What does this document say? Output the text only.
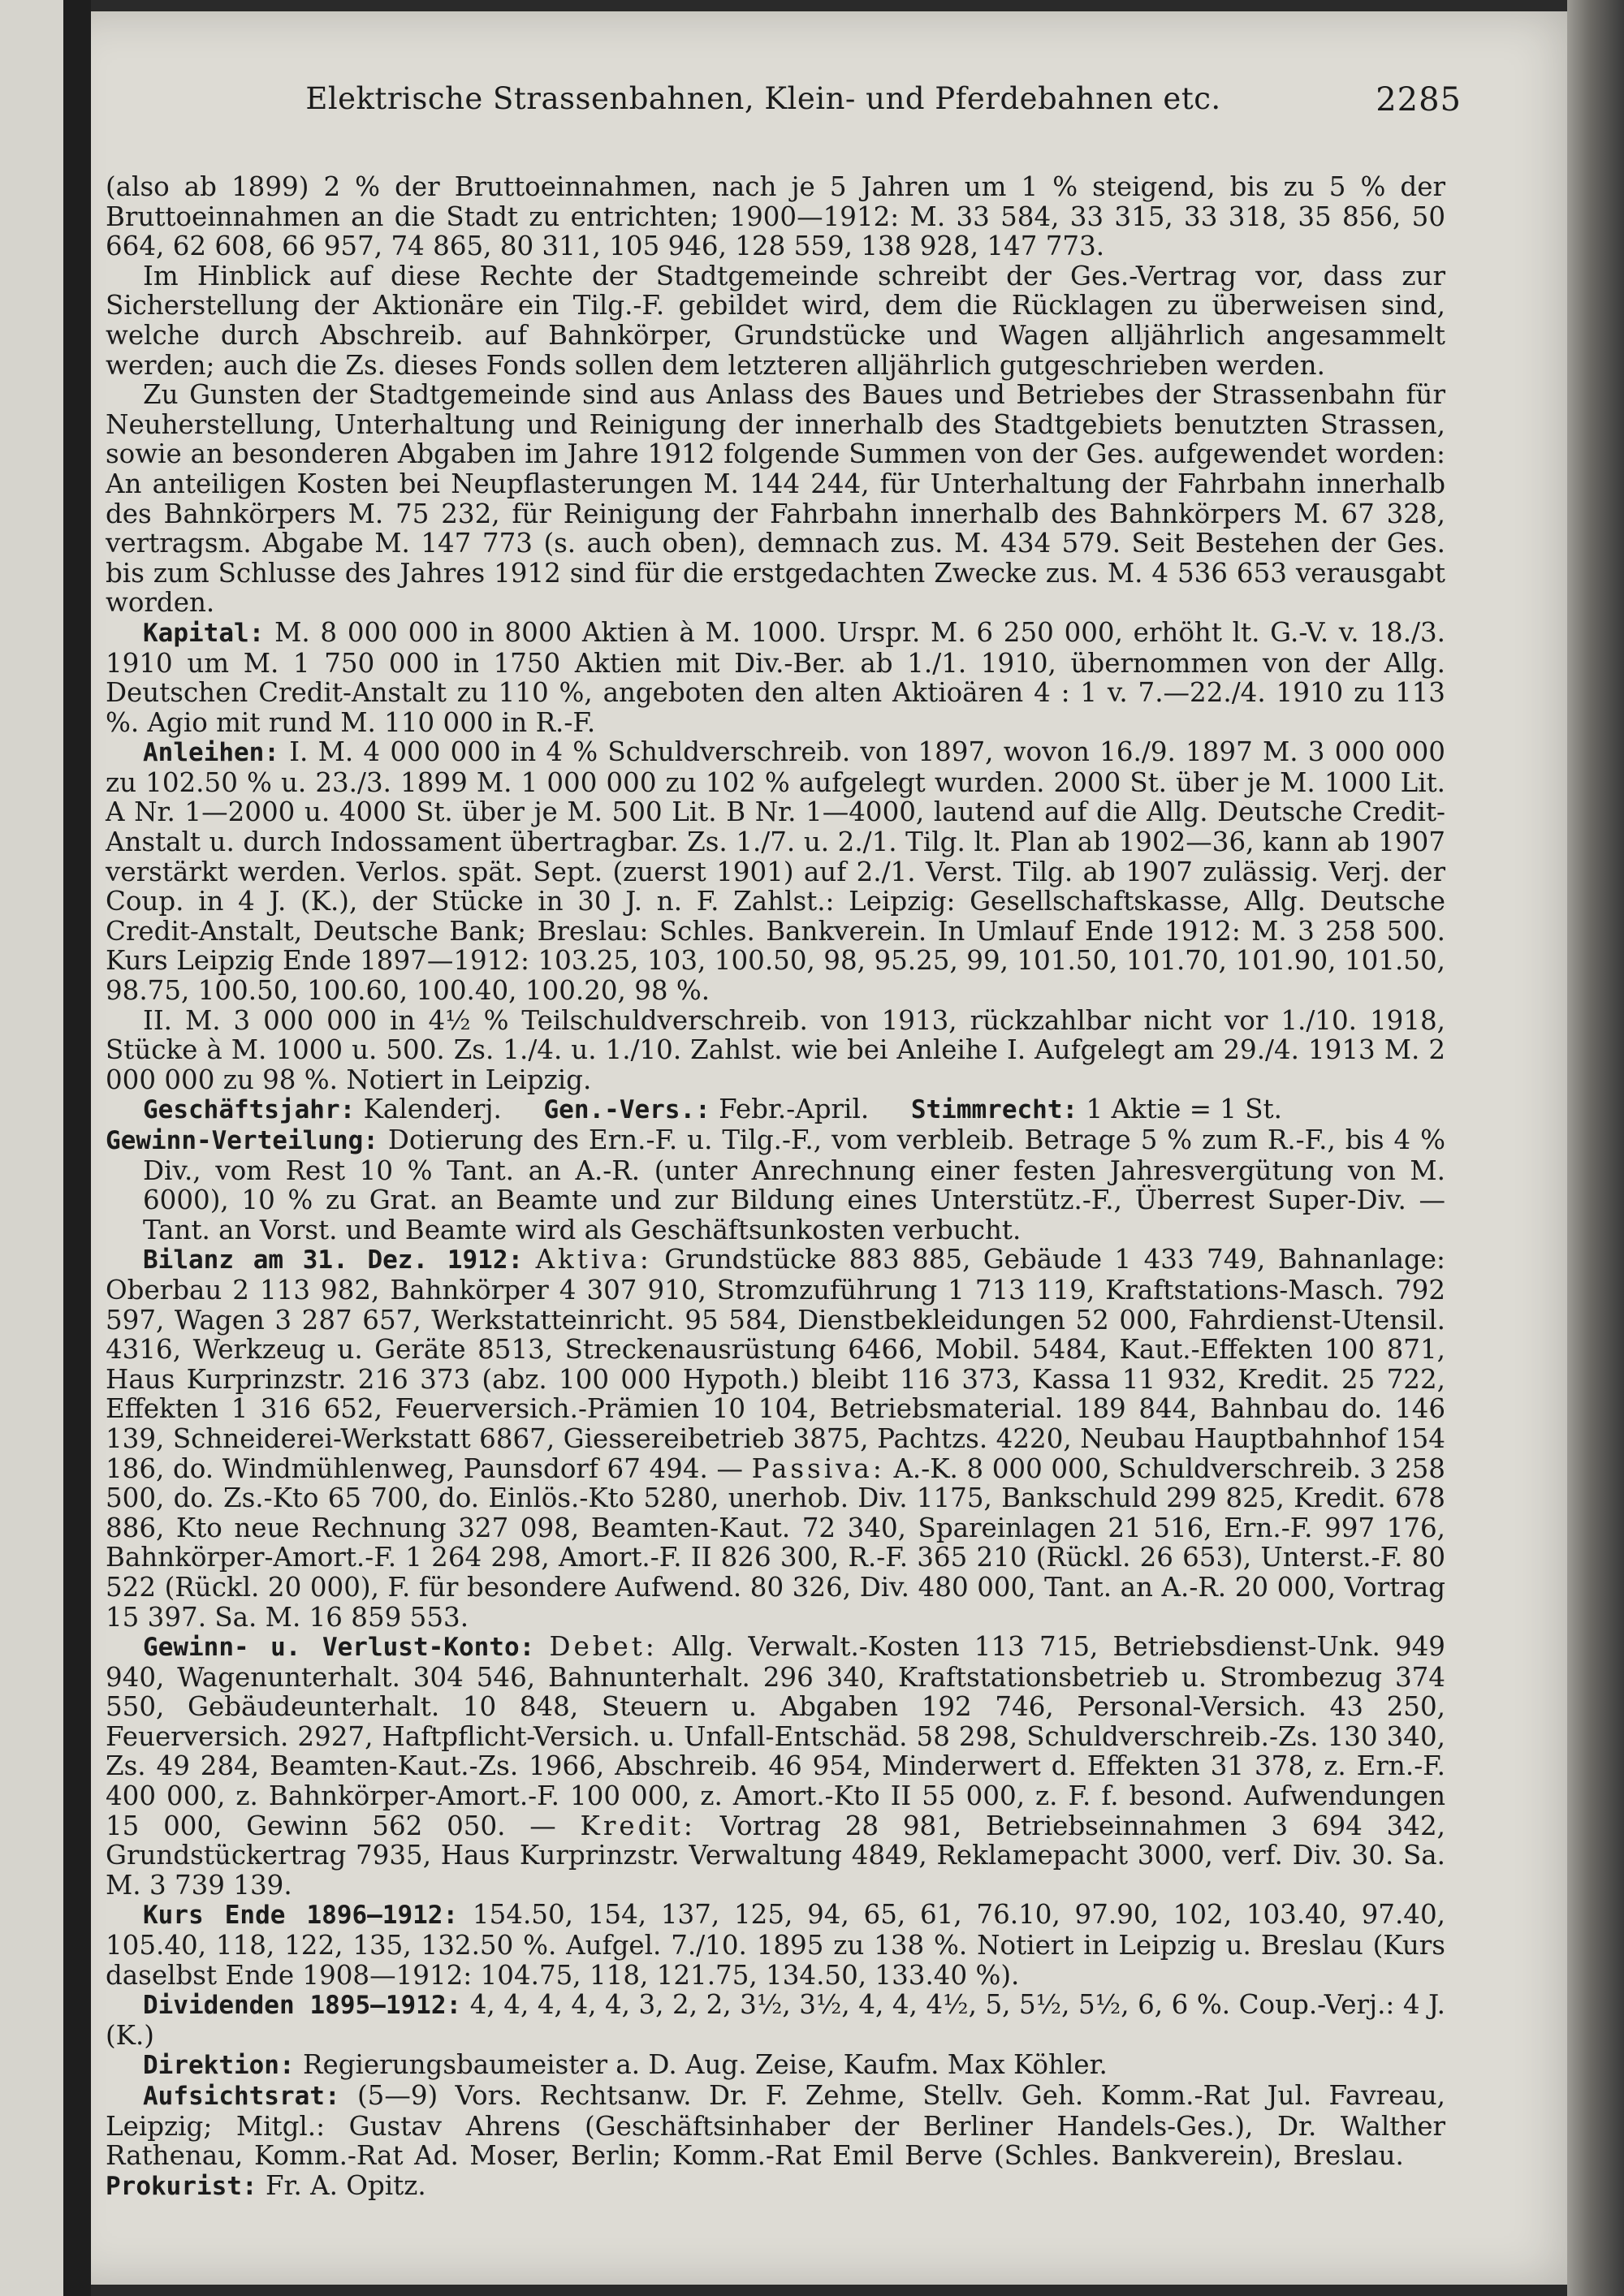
Elektrische Strassenbahnen, Klein- und Pferdebahnen etc.	2285

(also ab 1899) 2 % der Bruttoeinnahmen, nach je 5 Jahren um 1 % steigend, bis zu 5 % der Bruttoeinnahmen an die Stadt zu entrichten; 1900—1912: M. 33 584, 33 315, 33 318, 35 856, 50 664, 62 608, 66 957, 74 865, 80 311, 105 946, 128 559, 138 928, 147 773.

Im Hinblick auf diese Rechte der Stadtgemeinde schreibt der Ges.-Vertrag vor, dass zur Sicherstellung der Aktionäre ein Tilg.-F. gebildet wird, dem die Rücklagen zu überweisen sind, welche durch Abschreib. auf Bahnkörper, Grundstücke und Wagen alljährlich angesammelt werden; auch die Zs. dieses Fonds sollen dem letzteren alljährlich gutgeschrieben werden.

Zu Gunsten der Stadtgemeinde sind aus Anlass des Baues und Betriebes der Strassenbahn für Neuherstellung, Unterhaltung und Reinigung der innerhalb des Stadtgebiets benutzten Strassen, sowie an besonderen Abgaben im Jahre 1912 folgende Summen von der Ges. aufgewendet worden: An anteiligen Kosten bei Neupflasterungen M. 144 244, für Unterhaltung der Fahrbahn innerhalb des Bahnkörpers M. 75 232, für Reinigung der Fahrbahn innerhalb des Bahnkörpers M. 67 328, vertragsm. Abgabe M. 147 773 (s. auch oben), demnach zus. M. 434 579. Seit Bestehen der Ges. bis zum Schlusse des Jahres 1912 sind für die erstgedachten Zwecke zus. M. 4 536 653 verausgabt worden.

Kapital: M. 8 000 000 in 8000 Aktien à M. 1000. Urspr. M. 6 250 000, erhöht lt. G.-V. v. 18./3. 1910 um M. 1 750 000 in 1750 Aktien mit Div.-Ber. ab 1./1. 1910, übernommen von der Allg. Deutschen Credit-Anstalt zu 110 %, angeboten den alten Aktioären 4 : 1 v. 7.—22./4. 1910 zu 113 %. Agio mit rund M. 110 000 in R.-F.

Anleihen: I. M. 4 000 000 in 4 % Schuldverschreib. von 1897, wovon 16./9. 1897 M. 3 000 000 zu 102.50 % u. 23./3. 1899 M. 1 000 000 zu 102 % aufgelegt wurden. 2000 St. über je M. 1000 Lit. A Nr. 1—2000 u. 4000 St. über je M. 500 Lit. B Nr. 1—4000, lautend auf die Allg. Deutsche Credit-Anstalt u. durch Indossament übertragbar. Zs. 1./7. u. 2./1. Tilg. lt. Plan ab 1902—36, kann ab 1907 verstärkt werden. Verlos. spät. Sept. (zuerst 1901) auf 2./1. Verst. Tilg. ab 1907 zulässig. Verj. der Coup. in 4 J. (K.), der Stücke in 30 J. n. F. Zahlst.: Leipzig: Gesellschaftskasse, Allg. Deutsche Credit-Anstalt, Deutsche Bank; Breslau: Schles. Bankverein. In Umlauf Ende 1912: M. 3 258 500. Kurs Leipzig Ende 1897—1912: 103.25, 103, 100.50, 98, 95.25, 99, 101.50, 101.70, 101.90, 101.50, 98.75, 100.50, 100.60, 100.40, 100.20, 98 %.

II. M. 3 000 000 in 4½ % Teilschuldverschreib. von 1913, rückzahlbar nicht vor 1./10. 1918, Stücke à M. 1000 u. 500. Zs. 1./4. u. 1./10. Zahlst. wie bei Anleihe I. Aufgelegt am 29./4. 1913 M. 2 000 000 zu 98 %. Notiert in Leipzig.

Geschäftsjahr: Kalenderj. Gen.-Vers.: Febr.-April. Stimmrecht: 1 Aktie = 1 St.

Gewinn-Verteilung: Dotierung des Ern.-F. u. Tilg.-F., vom verbleib. Betrage 5 % zum R.-F., bis 4 % Div., vom Rest 10 % Tant. an A.-R. (unter Anrechnung einer festen Jahresvergütung von M. 6000), 10 % zu Grat. an Beamte und zur Bildung eines Unterstütz.-F., Überrest Super-Div. — Tant. an Vorst. und Beamte wird als Geschäftsunkosten verbucht.

Bilanz am 31. Dez. 1912: Aktiva: Grundstücke 883 885, Gebäude 1 433 749, Bahnanlage: Oberbau 2 113 982, Bahnkörper 4 307 910, Stromzuführung 1 713 119, Kraftstations-Masch. 792 597, Wagen 3 287 657, Werkstatteinricht. 95 584, Dienstbekleidungen 52 000, Fahrdienst-Utensil. 4316, Werkzeug u. Geräte 8513, Streckenausrüstung 6466, Mobil. 5484, Kaut.-Effekten 100 871, Haus Kurprinzstr. 216 373 (abz. 100 000 Hypoth.) bleibt 116 373, Kassa 11 932, Kredit. 25 722, Effekten 1 316 652, Feuerversich.-Prämien 10 104, Betriebsmaterial. 189 844, Bahnbau do. 146 139, Schneiderei-Werkstatt 6867, Giessereibetrieb 3875, Pachtzs. 4220, Neubau Hauptbahnhof 154 186, do. Windmühlenweg, Paunsdorf 67 494. — Passiva: A.-K. 8 000 000, Schuldverschreib. 3 258 500, do. Zs.-Kto 65 700, do. Einlös.-Kto 5280, unerhob. Div. 1175, Bankschuld 299 825, Kredit. 678 886, Kto neue Rechnung 327 098, Beamten-Kaut. 72 340, Spareinlagen 21 516, Ern.-F. 997 176, Bahnkörper-Amort.-F. 1 264 298, Amort.-F. II 826 300, R.-F. 365 210 (Rückl. 26 653), Unterst.-F. 80 522 (Rückl. 20 000), F. für besondere Aufwend. 80 326, Div. 480 000, Tant. an A.-R. 20 000, Vortrag 15 397. Sa. M. 16 859 553.

Gewinn- u. Verlust-Konto: Debet: Allg. Verwalt.-Kosten 113 715, Betriebsdienst-Unk. 949 940, Wagenunterhalt. 304 546, Bahnunterhalt. 296 340, Kraftstationsbetrieb u. Strombezug 374 550, Gebäudeunterhalt. 10 848, Steuern u. Abgaben 192 746, Personal-Versich. 43 250, Feuerversich. 2927, Haftpflicht-Versich. u. Unfall-Entschäd. 58 298, Schuldverschreib.-Zs. 130 340, Zs. 49 284, Beamten-Kaut.-Zs. 1966, Abschreib. 46 954, Minderwert d. Effekten 31 378, z. Ern.-F. 400 000, z. Bahnkörper-Amort.-F. 100 000, z. Amort.-Kto II 55 000, z. F. f. besond. Aufwendungen 15 000, Gewinn 562 050. — Kredit: Vortrag 28 981, Betriebseinnahmen 3 694 342, Grundstückertrag 7935, Haus Kurprinzstr. Verwaltung 4849, Reklamepacht 3000, verf. Div. 30. Sa. M. 3 739 139.

Kurs Ende 1896—1912: 154.50, 154, 137, 125, 94, 65, 61, 76.10, 97.90, 102, 103.40, 97.40, 105.40, 118, 122, 135, 132.50 %. Aufgel. 7./10. 1895 zu 138 %. Notiert in Leipzig u. Breslau (Kurs daselbst Ende 1908—1912: 104.75, 118, 121.75, 134.50, 133.40 %).

Dividenden 1895—1912: 4, 4, 4, 4, 4, 3, 2, 2, 3½, 3½, 4, 4, 4½, 5, 5½, 5½, 6, 6 %. Coup.-Verj.: 4 J. (K.)

Direktion: Regierungsbaumeister a. D. Aug. Zeise, Kaufm. Max Köhler.

Aufsichtsrat: (5—9) Vors. Rechtsanw. Dr. F. Zehme, Stellv. Geh. Komm.-Rat Jul. Favreau, Leipzig; Mitgl.: Gustav Ahrens (Geschäftsinhaber der Berliner Handels-Ges.), Dr. Walther Rathenau, Komm.-Rat Ad. Moser, Berlin; Komm.-Rat Emil Berve (Schles. Bankverein), Breslau.     Prokurist: Fr. A. Opitz.
